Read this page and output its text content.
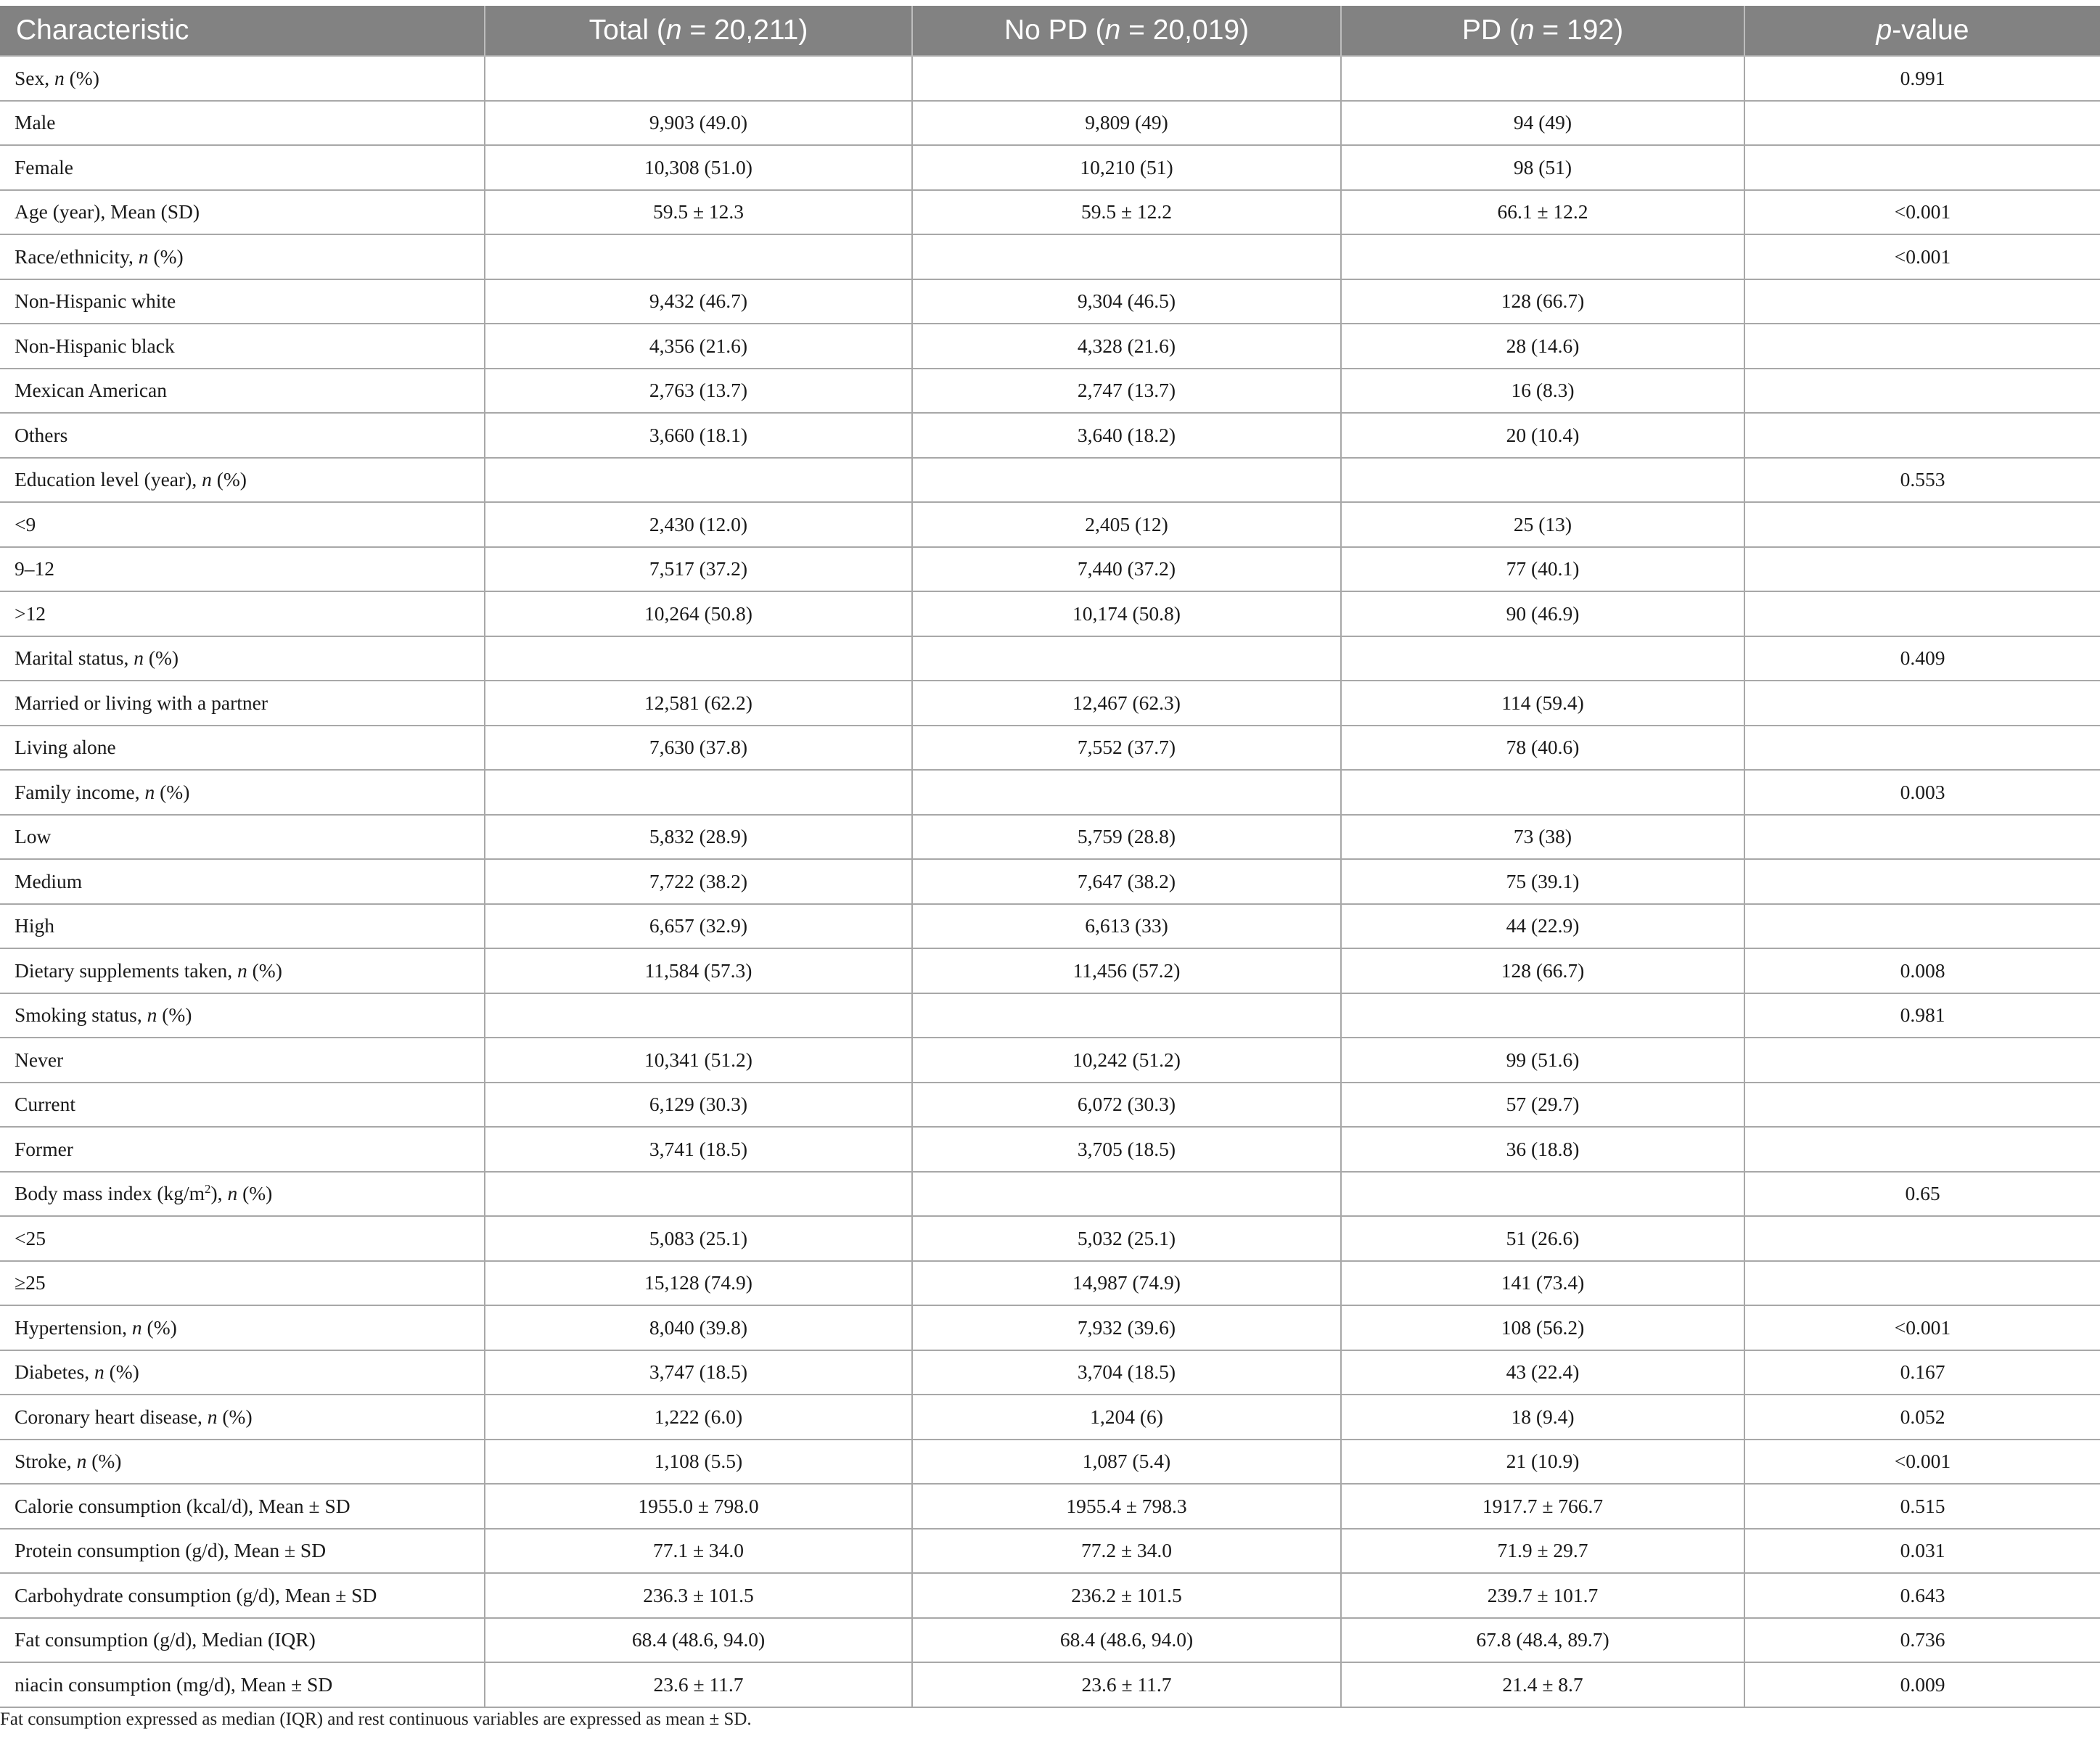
Characteristic	Total (n = 20,211)	No PD (n = 20,019)	PD (n = 192)	p-value
Sex, n (%)				0.991
Male	9,903 (49.0)	9,809 (49)	94 (49)	
Female	10,308 (51.0)	10,210 (51)	98 (51)	
Age (year), Mean (SD)	59.5 ± 12.3	59.5 ± 12.2	66.1 ± 12.2	<0.001
Race/ethnicity, n (%)				<0.001
Non-Hispanic white	9,432 (46.7)	9,304 (46.5)	128 (66.7)	
Non-Hispanic black	4,356 (21.6)	4,328 (21.6)	28 (14.6)	
Mexican American	2,763 (13.7)	2,747 (13.7)	16 (8.3)	
Others	3,660 (18.1)	3,640 (18.2)	20 (10.4)	
Education level (year), n (%)				0.553
<9	2,430 (12.0)	2,405 (12)	25 (13)	
9–12	7,517 (37.2)	7,440 (37.2)	77 (40.1)	
>12	10,264 (50.8)	10,174 (50.8)	90 (46.9)	
Marital status, n (%)				0.409
Married or living with a partner	12,581 (62.2)	12,467 (62.3)	114 (59.4)	
Living alone	7,630 (37.8)	7,552 (37.7)	78 (40.6)	
Family income, n (%)				0.003
Low	5,832 (28.9)	5,759 (28.8)	73 (38)	
Medium	7,722 (38.2)	7,647 (38.2)	75 (39.1)	
High	6,657 (32.9)	6,613 (33)	44 (22.9)	
Dietary supplements taken, n (%)	11,584 (57.3)	11,456 (57.2)	128 (66.7)	0.008
Smoking status, n (%)				0.981
Never	10,341 (51.2)	10,242 (51.2)	99 (51.6)	
Current	6,129 (30.3)	6,072 (30.3)	57 (29.7)	
Former	3,741 (18.5)	3,705 (18.5)	36 (18.8)	
Body mass index $(kg/m^2)$, n (%)				0.65
<25	5,083 (25.1)	5,032 (25.1)	51 (26.6)	
≥25	15,128 (74.9)	14,987 (74.9)	141 (73.4)	
Hypertension, n (%)	8,040 (39.8)	7,932 (39.6)	108 (56.2)	<0.001
Diabetes, n (%)	3,747 (18.5)	3,704 (18.5)	43 (22.4)	0.167
Coronary heart disease, n (%)	1,222 (6.0)	1,204 (6)	18 (9.4)	0.052
Stroke, n (%)	1,108 (5.5)	1,087 (5.4)	21 (10.9)	<0.001
Calorie consumption (kcal/d), Mean ± SD	1955.0 ± 798.0	1955.4 ± 798.3	1917.7 ± 766.7	0.515
Protein consumption (g/d), Mean ± SD	77.1 ± 34.0	77.2 ± 34.0	71.9 ± 29.7	0.031
Carbohydrate consumption (g/d), Mean ± SD	236.3 ± 101.5	236.2 ± 101.5	239.7 ± 101.7	0.643
Fat consumption (g/d), Median (IQR)	68.4 (48.6, 94.0)	68.4 (48.6, 94.0)	67.8 (48.4, 89.7)	0.736
niacin consumption (mg/d), Mean ± SD	23.6 ± 11.7	23.6 ± 11.7	21.4 ± 8.7	0.009
Fat consumption expressed as median (IQR) and rest continuous variables are expressed as mean ± SD.
